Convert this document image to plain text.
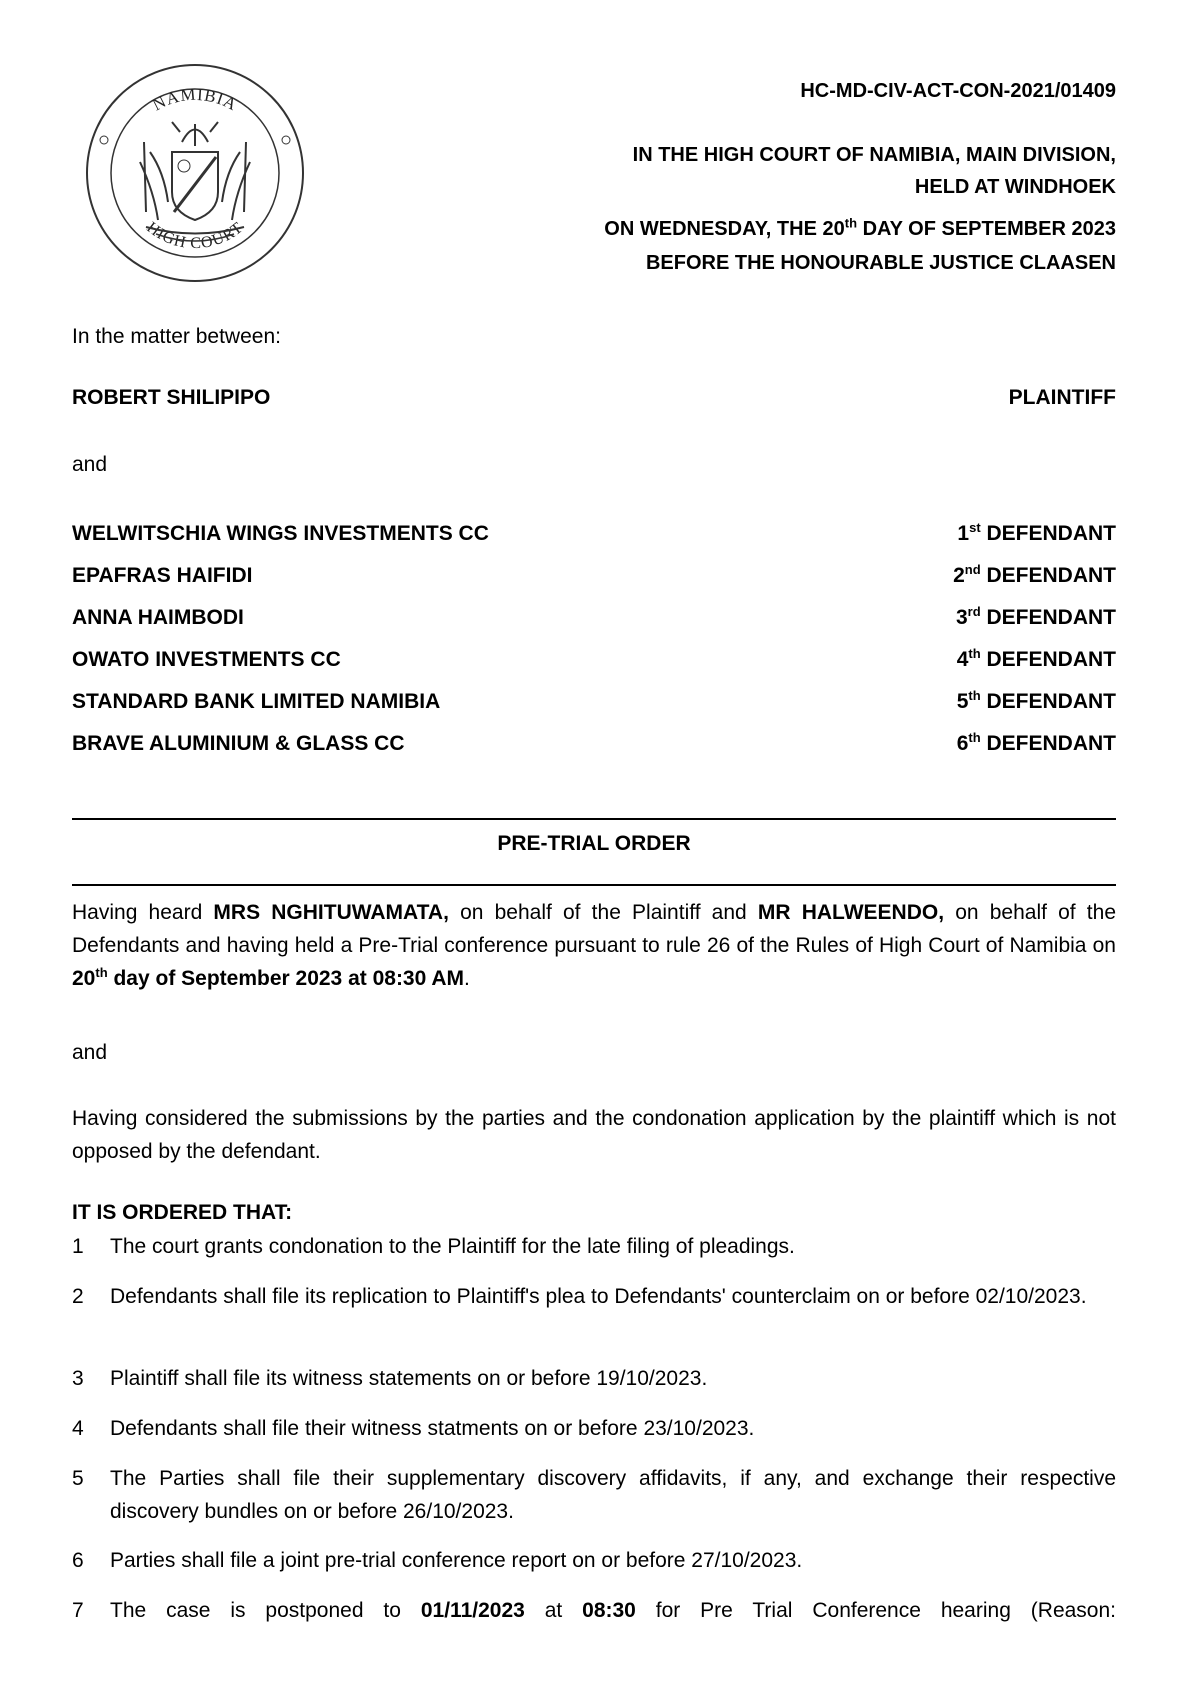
NAMIBIA
HIGH COURT
HC-MD-CIV-ACT-CON-2021/01409
IN THE HIGH COURT OF NAMIBIA, MAIN DIVISION,
HELD AT WINDHOEK
ON WEDNESDAY, THE 20th DAY OF SEPTEMBER 2023
BEFORE THE HONOURABLE JUSTICE CLAASEN
In the matter between:
ROBERT SHILIPIPO	PLAINTIFF
and
WELWITSCHIA WINGS INVESTMENTS CC	1st DEFENDANT
EPAFRAS HAIFIDI	2nd DEFENDANT
ANNA HAIMBODI	3rd DEFENDANT
OWATO INVESTMENTS CC	4th DEFENDANT
STANDARD BANK LIMITED NAMIBIA	5th DEFENDANT
BRAVE ALUMINIUM & GLASS CC	6th DEFENDANT
PRE-TRIAL ORDER
Having heard MRS NGHITUWAMATA, on behalf of the Plaintiff and MR HALWEENDO, on behalf of the Defendants and having held a Pre-Trial conference pursuant to rule 26 of the Rules of High Court of Namibia on 20th day of September 2023 at 08:30 AM.
and
Having considered the submissions by the parties and the condonation application by the plaintiff which is not opposed by the defendant.
IT IS ORDERED THAT:
1 The court grants condonation to the Plaintiff for the late filing of pleadings.
2 Defendants shall file its replication to Plaintiff's plea to Defendants' counterclaim on or before 02/10/2023.
3 Plaintiff shall file its witness statements on or before 19/10/2023.
4 Defendants shall file their witness statments on or before 23/10/2023.
5 The Parties shall file their supplementary discovery affidavits, if any, and exchange their respective discovery bundles on or before 26/10/2023.
6 Parties shall file a joint pre-trial conference report on or before 27/10/2023.
7 The case is postponed to 01/11/2023 at 08:30 for Pre Trial Conference hearing (Reason:
